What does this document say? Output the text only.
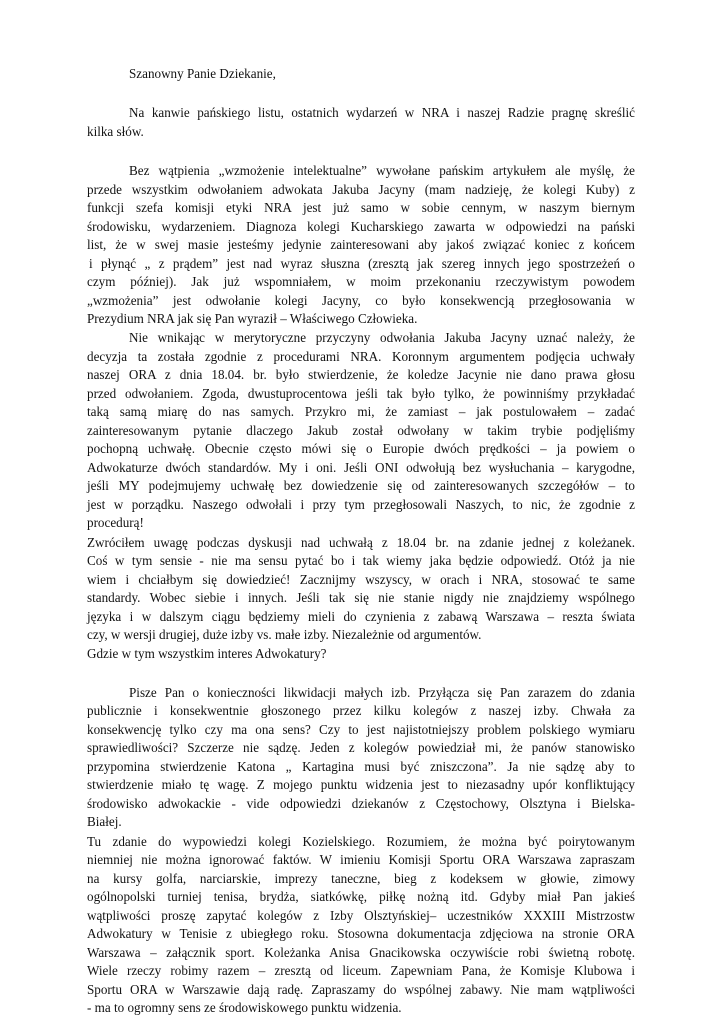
Szanowny Panie Dziekanie,
Na kanwie pańskiego listu, ostatnich wydarzeń w NRA i naszej Radzie pragnę skreślić
kilka słów.
Bez wątpienia „wzmożenie intelektualne” wywołane pańskim artykułem ale myślę, że
przede wszystkim odwołaniem adwokata Jakuba Jacyny (mam nadzieję, że kolegi Kuby) z
funkcji szefa komisji etyki NRA jest już samo w sobie cennym, w naszym biernym
środowisku, wydarzeniem. Diagnoza kolegi Kucharskiego zawarta w odpowiedzi na pański
list, że w swej masie jesteśmy jedynie zainteresowani aby jakoś związać koniec z końcem
i płynąć „ z prądem” jest nad wyraz słuszna (zresztą jak szereg innych jego spostrzeżeń o
czym później). Jak już wspomniałem, w moim przekonaniu rzeczywistym powodem
„wzmożenia” jest odwołanie kolegi Jacyny, co było konsekwencją przegłosowania w
Prezydium NRA jak się Pan wyraził – Właściwego Człowieka.
Nie wnikając w merytoryczne przyczyny odwołania Jakuba Jacyny uznać należy, że
decyzja ta została zgodnie z procedurami NRA. Koronnym argumentem podjęcia uchwały
naszej ORA z dnia 18.04. br. było stwierdzenie, że koledze Jacynie nie dano prawa głosu
przed odwołaniem. Zgoda, dwustuprocentowa jeśli tak było tylko, że powinniśmy przykładać
taką samą miarę do nas samych. Przykro mi, że zamiast – jak postulowałem – zadać
zainteresowanym pytanie dlaczego Jakub został odwołany w takim trybie podjęliśmy
pochopną uchwałę. Obecnie często mówi się o Europie dwóch prędkości – ja powiem o
Adwokaturze dwóch standardów. My i oni. Jeśli ONI odwołują bez wysłuchania – karygodne,
jeśli MY podejmujemy uchwałę bez dowiedzenie się od zainteresowanych szczegółów – to
jest w porządku. Naszego odwołali i przy tym przegłosowali Naszych, to nic, że zgodnie z
procedurą!
Zwróciłem uwagę podczas dyskusji nad uchwałą z 18.04 br. na zdanie jednej z koleżanek.
Coś w tym sensie - nie ma sensu pytać bo i tak wiemy jaka będzie odpowiedź. Otóż ja nie
wiem i chciałbym się dowiedzieć! Zacznijmy wszyscy, w orach i NRA, stosować te same
standardy. Wobec siebie i innych. Jeśli tak się nie stanie nigdy nie znajdziemy wspólnego
języka i w dalszym ciągu będziemy mieli do czynienia z zabawą Warszawa – reszta świata
czy, w wersji drugiej, duże izby vs. małe izby. Niezależnie od argumentów.
Gdzie w tym wszystkim interes Adwokatury?
Pisze Pan o konieczności likwidacji małych izb. Przyłącza się Pan zarazem do zdania
publicznie i konsekwentnie głoszonego przez kilku kolegów z naszej izby. Chwała za
konsekwencję tylko czy ma ona sens? Czy to jest najistotniejszy problem polskiego wymiaru
sprawiedliwości? Szczerze nie sądzę. Jeden z kolegów powiedział mi, że panów stanowisko
przypomina stwierdzenie Katona „ Kartagina musi być zniszczona”. Ja nie sądzę aby to
stwierdzenie miało tę wagę. Z mojego punktu widzenia jest to niezasadny upór konfliktujący
środowisko adwokackie - vide odpowiedzi dziekanów z Częstochowy, Olsztyna i Bielska-
Białej.
Tu zdanie do wypowiedzi kolegi Kozielskiego. Rozumiem, że można być poirytowanym
niemniej nie można ignorować faktów. W imieniu Komisji Sportu ORA Warszawa zapraszam
na kursy golfa, narciarskie, imprezy taneczne, bieg z kodeksem w głowie, zimowy
ogólnopolski turniej tenisa, brydża, siatkówkę, piłkę nożną itd. Gdyby miał Pan jakieś
wątpliwości proszę zapytać kolegów z Izby Olsztyńskiej– uczestników XXXIII Mistrzostw
Adwokatury w Tenisie z ubiegłego roku. Stosowna dokumentacja zdjęciowa na stronie ORA
Warszawa – załącznik sport. Koleżanka Anisa Gnacikowska oczywiście robi świetną robotę.
Wiele rzeczy robimy razem – zresztą od liceum. Zapewniam Pana, że Komisje Klubowa i
Sportu ORA w Warszawie dają radę. Zapraszamy do wspólnej zabawy. Nie mam wątpliwości
- ma to ogromny sens ze środowiskowego punktu widzenia.
